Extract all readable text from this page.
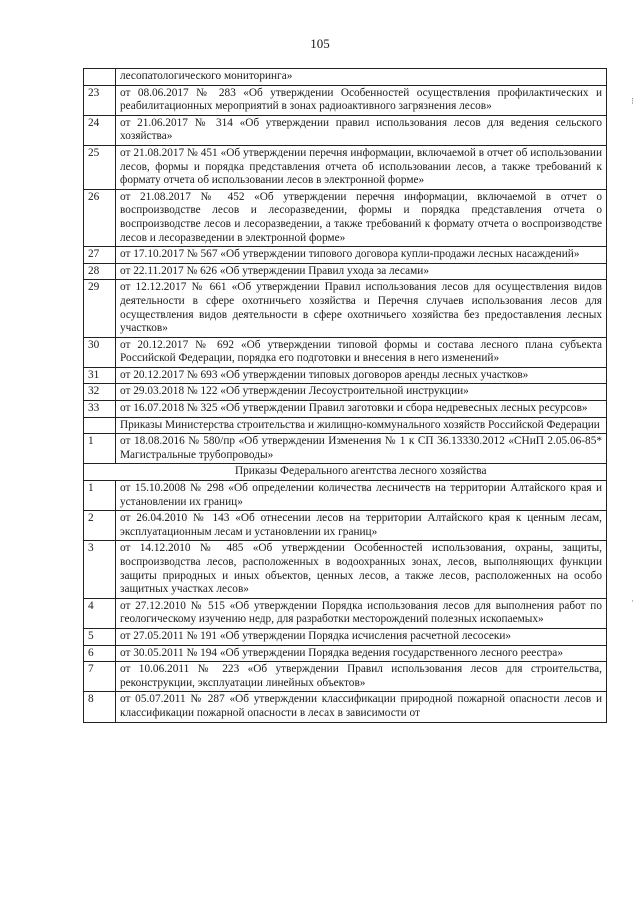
105
	лесопатологического мониторинга»
23	от 08.06.2017 № 283 «Об утверждении Особенностей осуществления профилактических и реабилитационных мероприятий в зонах радиоактивного загрязнения лесов»
24	от 21.06.2017 № 314 «Об утверждении правил использования лесов для ведения сельского хозяйства»
25	от 21.08.2017 № 451 «Об утверждении перечня информации, включаемой в отчет об использовании лесов, формы и порядка представления отчета об использовании лесов, а также требований к формату отчета об использовании лесов в электронной форме»
26	от 21.08.2017 № 452 «Об утверждении перечня информации, включаемой в отчет о воспроизводстве лесов и лесоразведении, формы и порядка представления отчета о воспроизводстве лесов и лесоразведении, а также требований к формату отчета о воспроизводстве лесов и лесоразведении в электронной форме»
27	от 17.10.2017 № 567 «Об утверждении типового договора купли-продажи лесных насаждений»
28	от 22.11.2017 № 626 «Об утверждении Правил ухода за лесами»
29	от 12.12.2017 № 661 «Об утверждении Правил использования лесов для осуществления видов деятельности в сфере охотничьего хозяйства и Перечня случаев использования лесов для осуществления видов деятельности в сфере охотничьего хозяйства без предоставления лесных участков»
30	от 20.12.2017 № 692 «Об утверждении типовой формы и состава лесного плана субъекта Российской Федерации, порядка его подготовки и внесения в него изменений»
31	от 20.12.2017 № 693 «Об утверждении типовых договоров аренды лесных участков»
32	от 29.03.2018 № 122 «Об утверждении Лесоустроительной инструкции»
33	от 16.07.2018 № 325 «Об утверждении Правил заготовки и сбора недревесных лесных ресурсов»
	Приказы Министерства строительства и жилищно-коммунального хозяйств Российской Федерации
1	от 18.08.2016 № 580/пр «Об утверждении Изменения № 1 к СП 36.13330.2012 «СНиП 2.05.06-85* Магистральные трубопроводы»
	Приказы Федерального агентства лесного хозяйства
1	от 15.10.2008 № 298 «Об определении количества лесничеств на территории Алтайского края и установлении их границ»
2	от 26.04.2010 № 143 «Об отнесении лесов на территории Алтайского края к ценным лесам, эксплуатационным лесам и установлении их границ»
3	от 14.12.2010 № 485 «Об утверждении Особенностей использования, охраны, защиты, воспроизводства лесов, расположенных в водоохранных зонах, лесов, выполняющих функции защиты природных и иных объектов, ценных лесов, а также лесов, расположенных на особо защитных участках лесов»
4	от 27.12.2010 № 515 «Об утверждении Порядка использования лесов для выполнения работ по геологическому изучению недр, для разработки месторождений полезных ископаемых»
5	от 27.05.2011 № 191 «Об утверждении Порядка исчисления расчетной лесосеки»
6	от 30.05.2011 № 194 «Об утверждении Порядка ведения государственного лесного реестра»
7	от 10.06.2011 № 223 «Об утверждении Правил использования лесов для строительства, реконструкции, эксплуатации линейных объектов»
8	от 05.07.2011 № 287 «Об утверждении классификации природной пожарной опасности лесов и классификации пожарной опасности в лесах в зависимости от
⁝
·
